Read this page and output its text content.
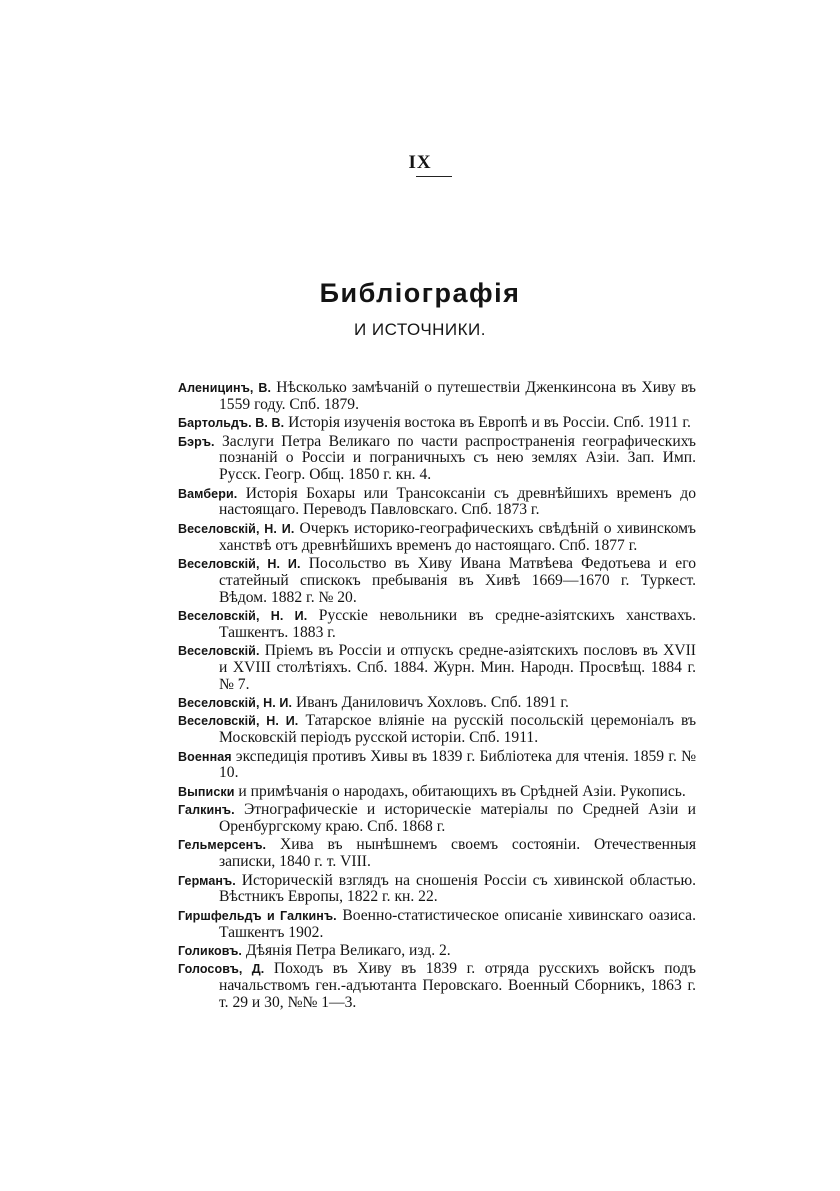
IX
Библіографія
И ИСТОЧНИКИ.

Аленицинъ, В. Нѣсколько замѣчаній о путешествіи Дженкинсона въ Хиву въ 1559 году. Спб. 1879.

Бартольдъ. В. В. Исторія изученія востока въ Европѣ и въ Россіи. Спб. 1911 г.

Бэръ. Заслуги Петра Великаго по части распространенія географическихъ познаній о Россіи и пограничныхъ съ нею землях Азіи. Зап. Имп. Русск. Геогр. Общ. 1850 г. кн. 4.

Вамбери. Исторія Бохары или Трансоксаніи съ древнѣйшихъ временъ до настоящаго. Переводъ Павловскаго. Спб. 1873 г.

Веселовскій, Н. И. Очеркъ историко-географическихъ свѣдѣній о хивинскомъ ханствѣ отъ древнѣйшихъ временъ до настоящаго. Спб. 1877 г.

Веселовскій, Н. И. Посольство въ Хиву Ивана Матвѣева Федотьева и его статейный спискокъ пребыванія въ Хивѣ 1669—1670 г. Туркест. Вѣдом. 1882 г. № 20.

Веселовскій, Н. И. Русскіе невольники въ средне-азіятскихъ ханствахъ. Ташкентъ. 1883 г.

Веселовскій. Пріемъ въ Россіи и отпускъ средне-азіятскихъ пословъ въ XVII и XVIII столѣтіяхъ. Спб. 1884. Журн. Мин. Народн. Просвѣщ. 1884 г. № 7.

Веселовскій, Н. И. Иванъ Даниловичъ Хохловъ. Спб. 1891 г.

Веселовскій, Н. И. Татарское вліяніе на русскій посольскій церемоніалъ въ Московскій періодъ русской исторіи. Спб. 1911.

Военная экспедиція противъ Хивы въ 1839 г. Библіотека для чтенія. 1859 г. № 10.

Выписки и примѣчанія о народахъ, обитающихъ въ Срѣдней Азіи. Рукопись.

Галкинъ. Этнографическіе и историческіе матеріалы по Средней Азіи и Оренбургскому краю. Спб. 1868 г.

Гельмерсенъ. Хива въ нынѣшнемъ своемъ состояніи. Отечественныя записки, 1840 г. т. VIII.

Германъ. Историческій взглядъ на сношенія Россіи съ хивинской областью. Вѣстникъ Европы, 1822 г. кн. 22.

Гиршфельдъ и Галкинъ. Военно-статистическое описаніе хивинскаго оазиса. Ташкентъ 1902.

Голиковъ. Дѣянія Петра Великаго, изд. 2.

Голосовъ, Д. Походъ въ Хиву въ 1839 г. отряда русскихъ войскъ подъ начальствомъ ген.-адъютанта Перовскаго. Военный Сборникъ, 1863 г. т. 29 и 30, №№ 1—3.
